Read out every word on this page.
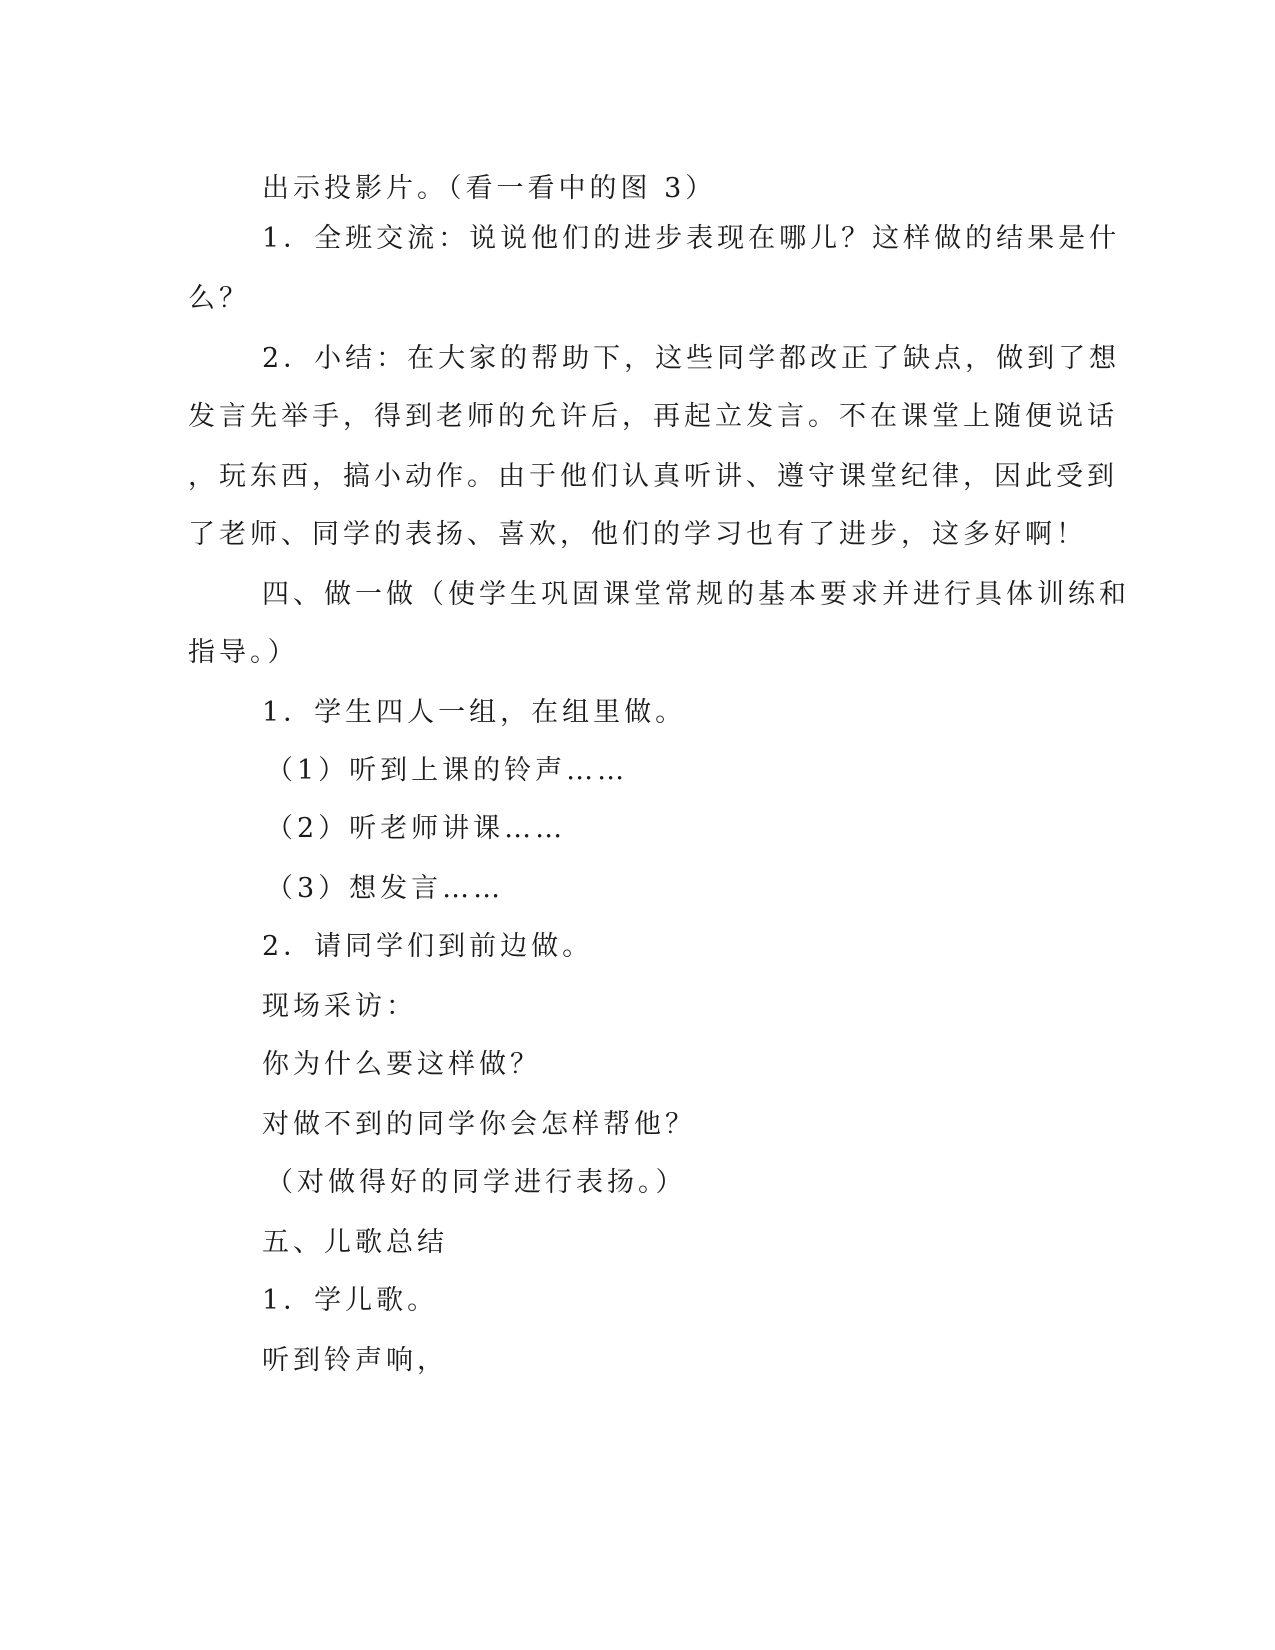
出示投影片。（看一看中的图 3）

1．全班交流：说说他们的进步表现在哪儿？这样做的结果是什

么？

2．小结：在大家的帮助下，这些同学都改正了缺点，做到了想

发言先举手，得到老师的允许后，再起立发言。不在课堂上随便说话

，玩东西，搞小动作。由于他们认真听讲、遵守课堂纪律，因此受到

了老师、同学的表扬、喜欢，他们的学习也有了进步，这多好啊！

四、做一做（使学生巩固课堂常规的基本要求并进行具体训练和

指导。）

1．学生四人一组，在组里做。

（1）听到上课的铃声……

（2）听老师讲课……

（3）想发言……

2．请同学们到前边做。

现场采访：

你为什么要这样做？

对做不到的同学你会怎样帮他？

（对做得好的同学进行表扬。）

五、儿歌总结

1．学儿歌。

听到铃声响，
